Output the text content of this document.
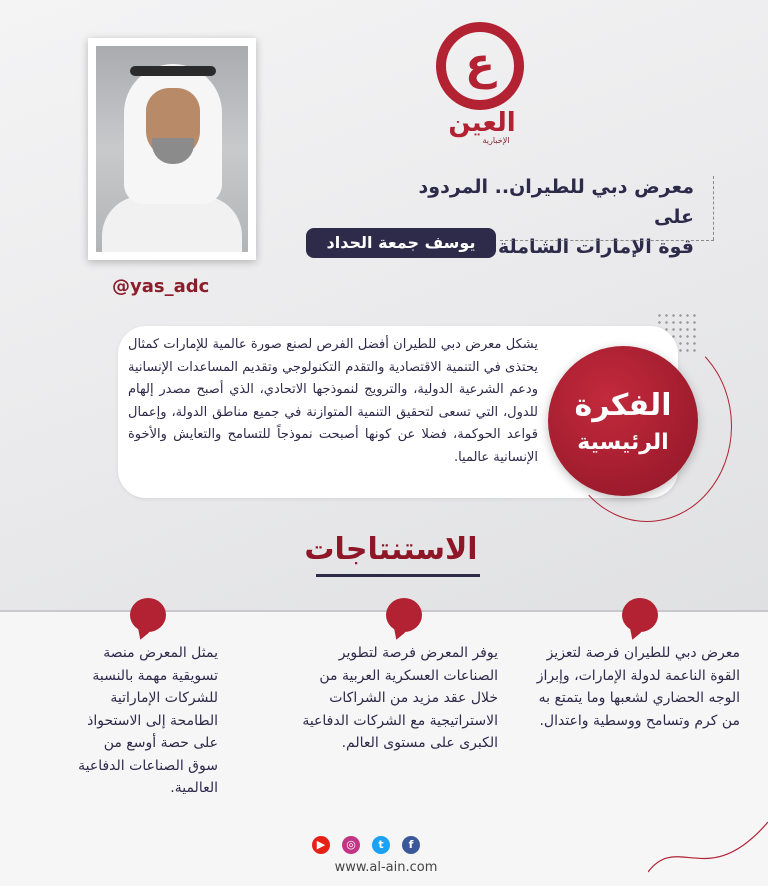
ع
العين
الإخبارية
@yas_adc
معرض دبي للطيران.. المردود على
قوة الإمارات الشاملة
يوسف جمعة الحداد
يشكل معرض دبي للطيران أفضل الفرص لصنع صورة عالمية للإمارات كمثال يحتذى في التنمية الاقتصادية والتقدم التكنولوجي وتقديم المساعدات الإنسانية ودعم الشرعية الدولية، والترويج لنموذجها الاتحادي، الذي أصبح مصدر إلهام للدول، التي تسعى لتحقيق التنمية المتوازنة في جميع مناطق الدولة، وإعمال قواعد الحوكمة، فضلا عن كونها أصبحت نموذجاً للتسامح والتعايش والأخوة الإنسانية عالميا.
الفكرة
الرئيسية
الاستنتاجات
معرض دبي للطيران فرصة لتعزيز القوة الناعمة لدولة الإمارات، وإبراز الوجه الحضاري لشعبها وما يتمتع به من كرم وتسامح ووسطية واعتدال.
يوفر المعرض فرصة لتطوير الصناعات العسكرية العربية من خلال عقد مزيد من الشراكات الاستراتيجية مع الشركات الدفاعية الكبرى على مستوى العالم.
يمثل المعرض منصة تسويقية مهمة بالنسبة للشركات الإماراتية الطامحة إلى الاستحواذ على حصة أوسع من سوق الصناعات الدفاعية العالمية.
▶	◎	t	f
www.al-ain.com
